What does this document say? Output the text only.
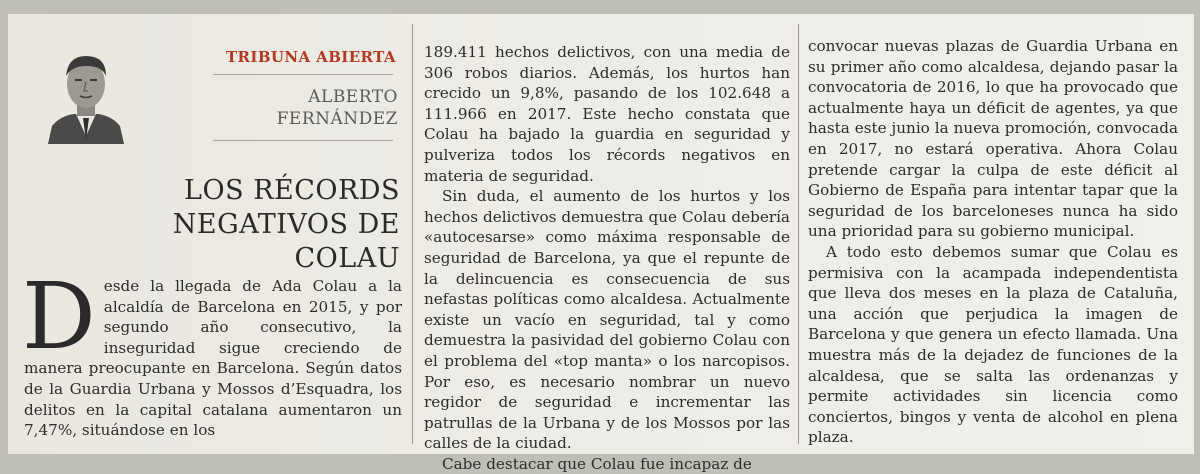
TRIBUNA ABIERTA
ALBERTO
FERNÁNDEZ
LOS RÉCORDS
NEGATIVOS DE COLAU

Desde la llegada de Ada Colau a la alcaldía de Barcelona en 2015, y por segundo año consecutivo, la inseguridad sigue creciendo de manera preocupante en Barcelona. Según datos de la Guardia Urbana y Mossos d’Esquadra, los delitos en la capital catalana aumentaron un 7,47%, situándose en los

189.411 hechos delictivos, con una media de 306 robos diarios. Además, los hurtos han crecido un 9,8%, pasando de los 102.648 a 111.966 en 2017. Este hecho constata que Colau ha bajado la guardia en seguridad y pulveriza todos los récords negativos en materia de seguridad.

Sin duda, el aumento de los hurtos y los hechos delictivos demuestra que Colau debería «autocesarse» como máxima responsable de seguridad de Barcelona, ya que el repunte de la delincuencia es consecuencia de sus nefastas políticas como alcaldesa. Actualmente existe un vacío en seguridad, tal y como demuestra la pasividad del gobierno Colau con el problema del «top manta» o los narcopisos. Por eso, es necesario nombrar un nuevo regidor de seguridad e incrementar las patrullas de la Urbana y de los Mossos por las calles de la ciudad.

Cabe destacar que Colau fue incapaz de

convocar nuevas plazas de Guardia Urbana en su primer año como alcaldesa, dejando pasar la convocatoria de 2016, lo que ha provocado que actualmente haya un déficit de agentes, ya que hasta este junio la nueva promoción, convocada en 2017, no estará operativa. Ahora Colau pretende cargar la culpa de este déficit al Gobierno de España para intentar tapar que la seguridad de los barceloneses nunca ha sido una prioridad para su gobierno municipal.

A todo esto debemos sumar que Colau es permisiva con la acampada independentista que lleva dos meses en la plaza de Cataluña, una acción que perjudica la imagen de Barcelona y que genera un efecto llamada. Una muestra más de la dejadez de funciones de la alcaldesa, que se salta las ordenanzas y permite actividades sin licencia como conciertos, bingos y venta de alcohol en plena plaza.
